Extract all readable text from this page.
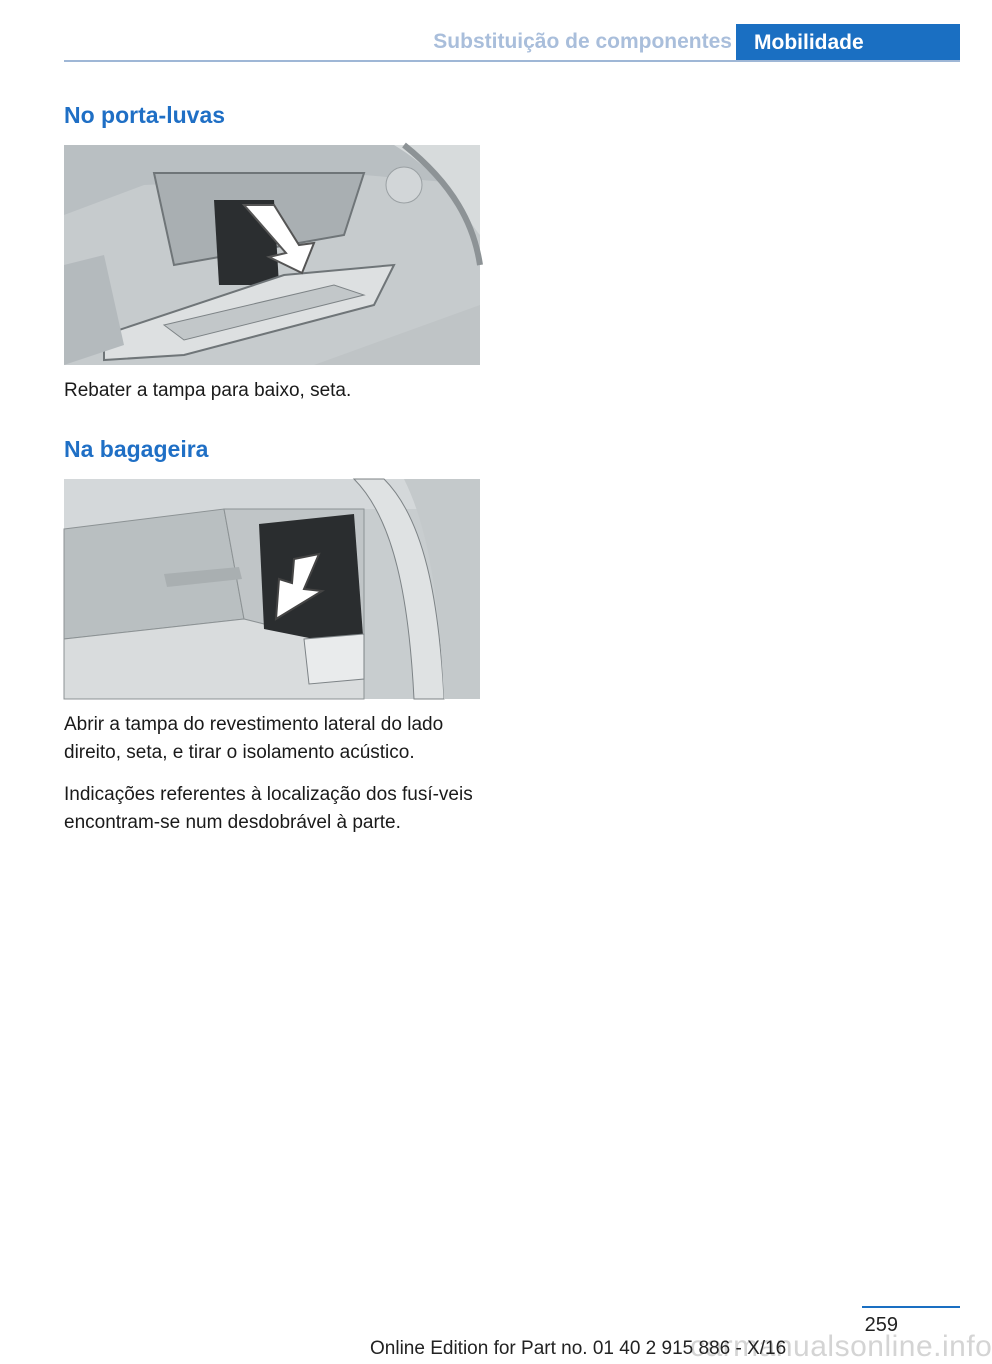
Substituição de componentes	Mobilidade
No porta-luvas

Rebater a tampa para baixo, seta.

Na bagageira

Abrir a tampa do revestimento lateral do lado direito, seta, e tirar o isolamento acústico.

Indicações referentes à localização dos fusí-veis encontram-se num desdobrável à parte.

259
carmanualsonline.info
Online Edition for Part no. 01 40 2 915 886 - X/16
